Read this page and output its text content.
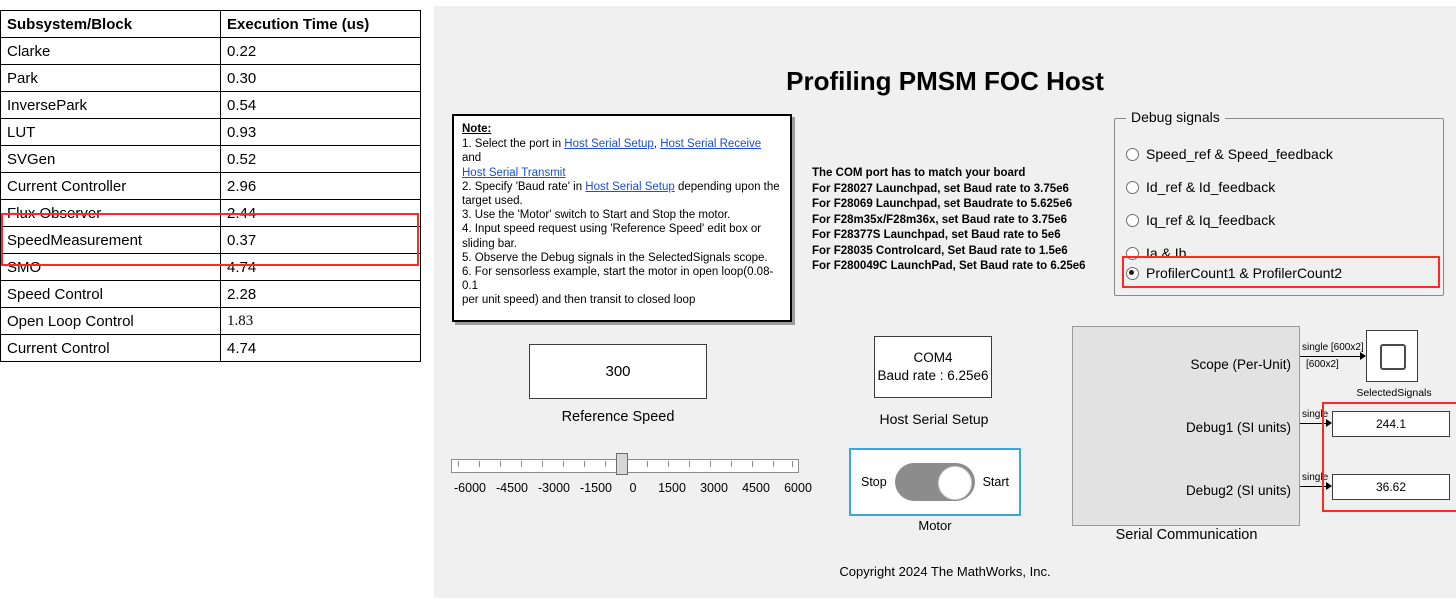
Subsystem/Block	Execution Time (us)
Clarke	0.22
Park	0.30
InversePark	0.54
LUT	0.93
SVGen	0.52
Current Controller	2.96
Flux Observer	2.44
SpeedMeasurement	0.37
SMO	4.74
Speed Control	2.28
Open Loop Control	1.83
Current Control	4.74
Profiling PMSM FOC Host
Note:
1. Select the port in Host Serial Setup, Host Serial Receive and
Host Serial Transmit
2. Specify 'Baud rate' in Host Serial Setup depending upon the
target used.
3. Use the 'Motor' switch to Start and Stop the motor.
4. Input speed request using 'Reference Speed' edit box or
sliding bar.
5. Observe the Debug signals in the SelectedSignals scope.
6. For sensorless example, start the motor in open loop(0.08-0.1
per unit speed) and then transit to closed loop
The COM port has to match your board
For F28027 Launchpad, set Baud rate to 3.75e6
For F28069 Launchpad, set Baudrate to 5.625e6
For F28m35x/F28m36x, set Baud rate to 3.75e6
For F28377S Launchpad, set Baud rate to 5e6
For F28035 Controlcard, Set Baud rate to 1.5e6
For F280049C LaunchPad, Set Baud rate to 6.25e6
Debug signals
Speed_ref & Speed_feedback
Id_ref & Id_feedback
Iq_ref & Iq_feedback
Ia & Ib
ProfilerCount1 & ProfilerCount2
300
Reference Speed
-6000 -4500 -3000 -1500 0 1500 3000 4500 6000
COM4
Baud rate : 6.25e6
Host Serial Setup
Stop	Start
Motor
Scope (Per-Unit)
Debug1 (SI units)
Debug2 (SI units)
Serial Communication
single [600x2]
[600x2]
single
single
SelectedSignals
244.1
36.62
Copyright 2024 The MathWorks, Inc.
